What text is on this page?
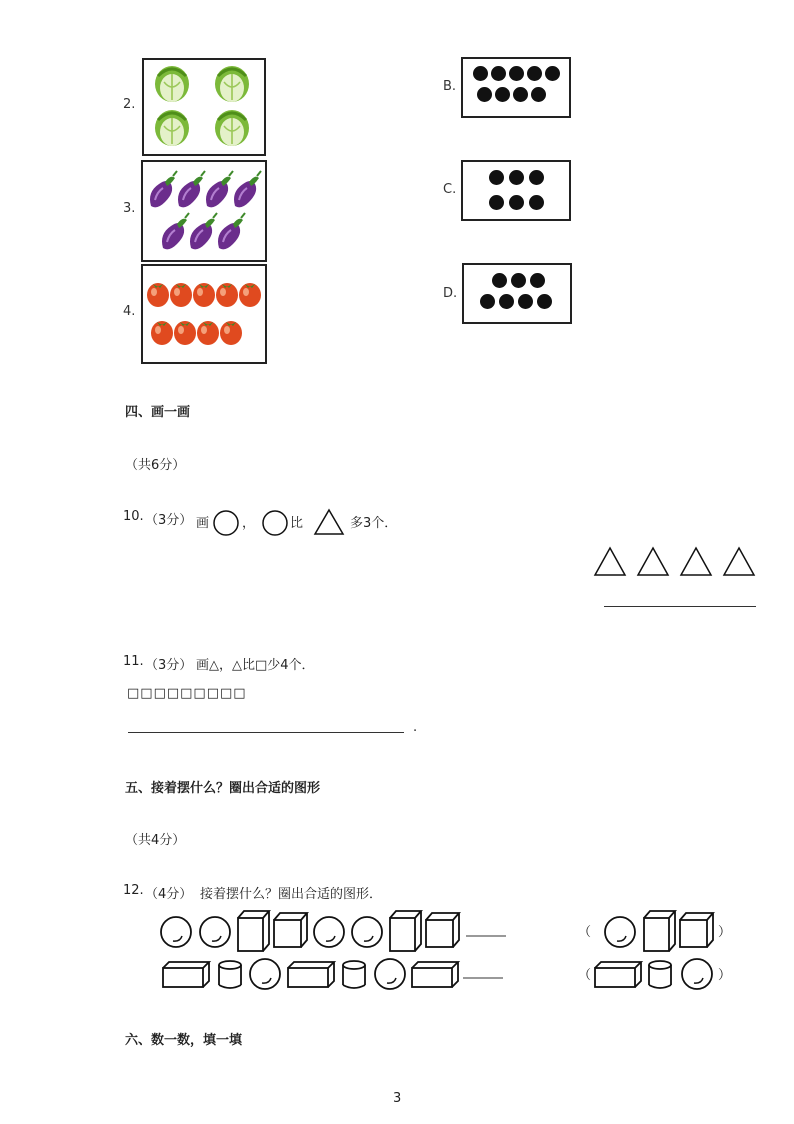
2.
3.
4.
B.
C.
D.
四、画一画
（共6分）
10. （3分） 画	，	比	多3个．
11. （3分） 画△，△比□少4个．
□□□□□□□□□
.
五、接着摆什么？圈出合适的图形
（共4分）
12. （4分） 接着摆什么？圈出合适的图形．
（	）
（	）
六、数一数，填一填
3
